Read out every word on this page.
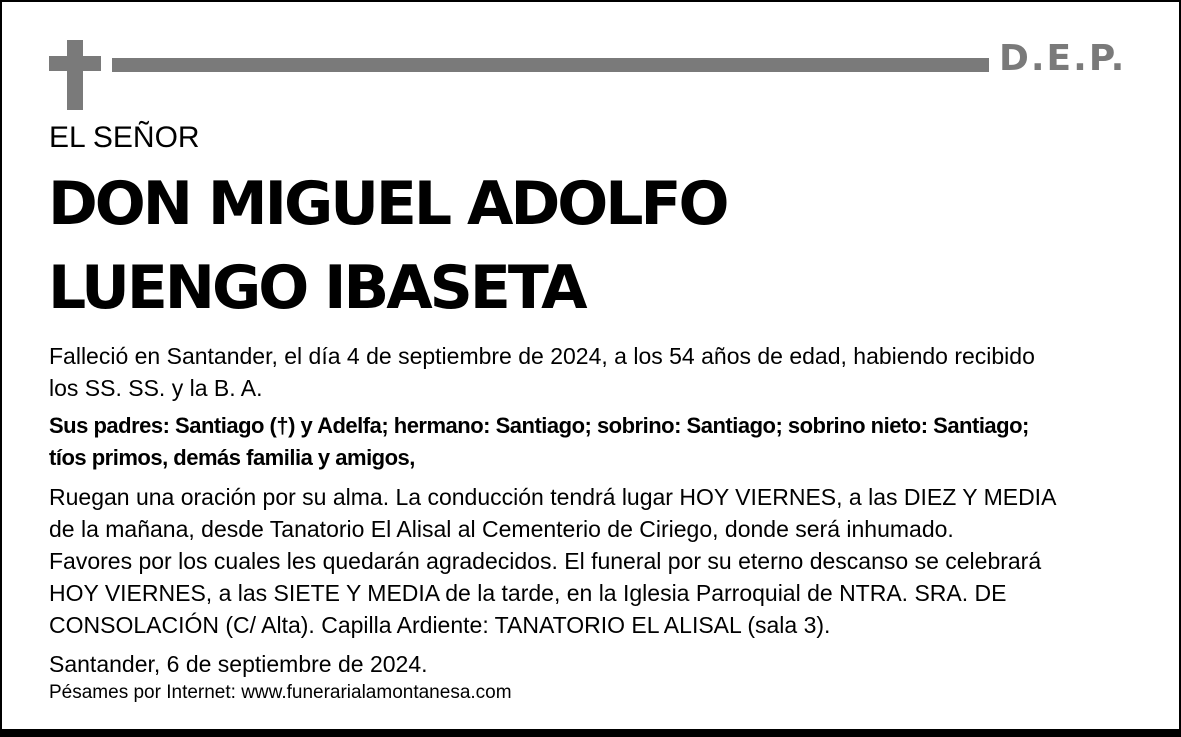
D.E.P.
EL SEÑOR
DON MIGUEL ADOLFO
LUENGO IBASETA
Falleció en Santander, el día 4 de septiembre de 2024, a los 54 años de edad, habiendo recibido
los SS. SS. y la B. A.
Sus padres: Santiago (†) y Adelfa; hermano: Santiago; sobrino: Santiago; sobrino nieto: Santiago;
tíos primos, demás familia y amigos,
Ruegan una oración por su alma. La conducción tendrá lugar HOY VIERNES, a las DIEZ Y MEDIA
de la mañana, desde Tanatorio El Alisal al Cementerio de Ciriego, donde será inhumado.
Favores por los cuales les quedarán agradecidos. El funeral por su eterno descanso se celebrará
HOY VIERNES, a las SIETE Y MEDIA de la tarde, en la Iglesia Parroquial de NTRA. SRA. DE
CONSOLACIÓN (C/ Alta). Capilla Ardiente: TANATORIO EL ALISAL (sala 3).
Santander, 6 de septiembre de 2024.
Pésames por Internet: www.funerarialamontanesa.com
